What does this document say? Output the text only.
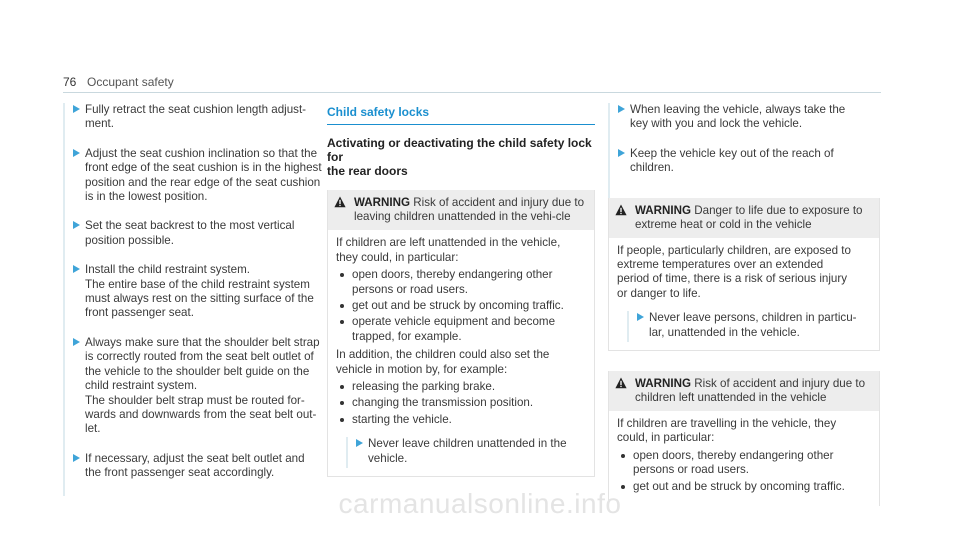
76 Occupant safety
Fully retract the seat cushion length adjust-
ment.
Adjust the seat cushion inclination so that the
front edge of the seat cushion is in the highest
position and the rear edge of the seat cushion
is in the lowest position.
Set the seat backrest to the most vertical
position possible.
Install the child restraint system.
The entire base of the child restraint system
must always rest on the sitting surface of the
front passenger seat.
Always make sure that the shoulder belt strap
is correctly routed from the seat belt outlet of
the vehicle to the shoulder belt guide on the
child restraint system.
The shoulder belt strap must be routed for-
wards and downwards from the seat belt out-
let.
If necessary, adjust the seat belt outlet and
the front passenger seat accordingly.
Child safety locks
Activating or deactivating the child safety lock for
the rear doors
WARNING Risk of accident and injury due to leaving children unattended in the vehi-cle

If children are left unattended in the vehicle,
they could, in particular:

open doors, thereby endangering other
persons or road users.
get out and be struck by oncoming traffic.
operate vehicle equipment and become
trapped, for example.

In addition, the children could also set the
vehicle in motion by, for example:

releasing the parking brake.
changing the transmission position.
starting the vehicle.
Never leave children unattended in the
vehicle.
When leaving the vehicle, always take the
key with you and lock the vehicle.
Keep the vehicle key out of the reach of
children.
WARNING Danger to life due to exposure to extreme heat or cold in the vehicle

If people, particularly children, are exposed to
extreme temperatures over an extended
period of time, there is a risk of serious injury
or danger to life.

Never leave persons, children in particu-
lar, unattended in the vehicle.
WARNING Risk of accident and injury due to children left unattended in the vehicle

If children are travelling in the vehicle, they
could, in particular:

open doors, thereby endangering other
persons or road users.
get out and be struck by oncoming traffic.
carmanualsonline.info
